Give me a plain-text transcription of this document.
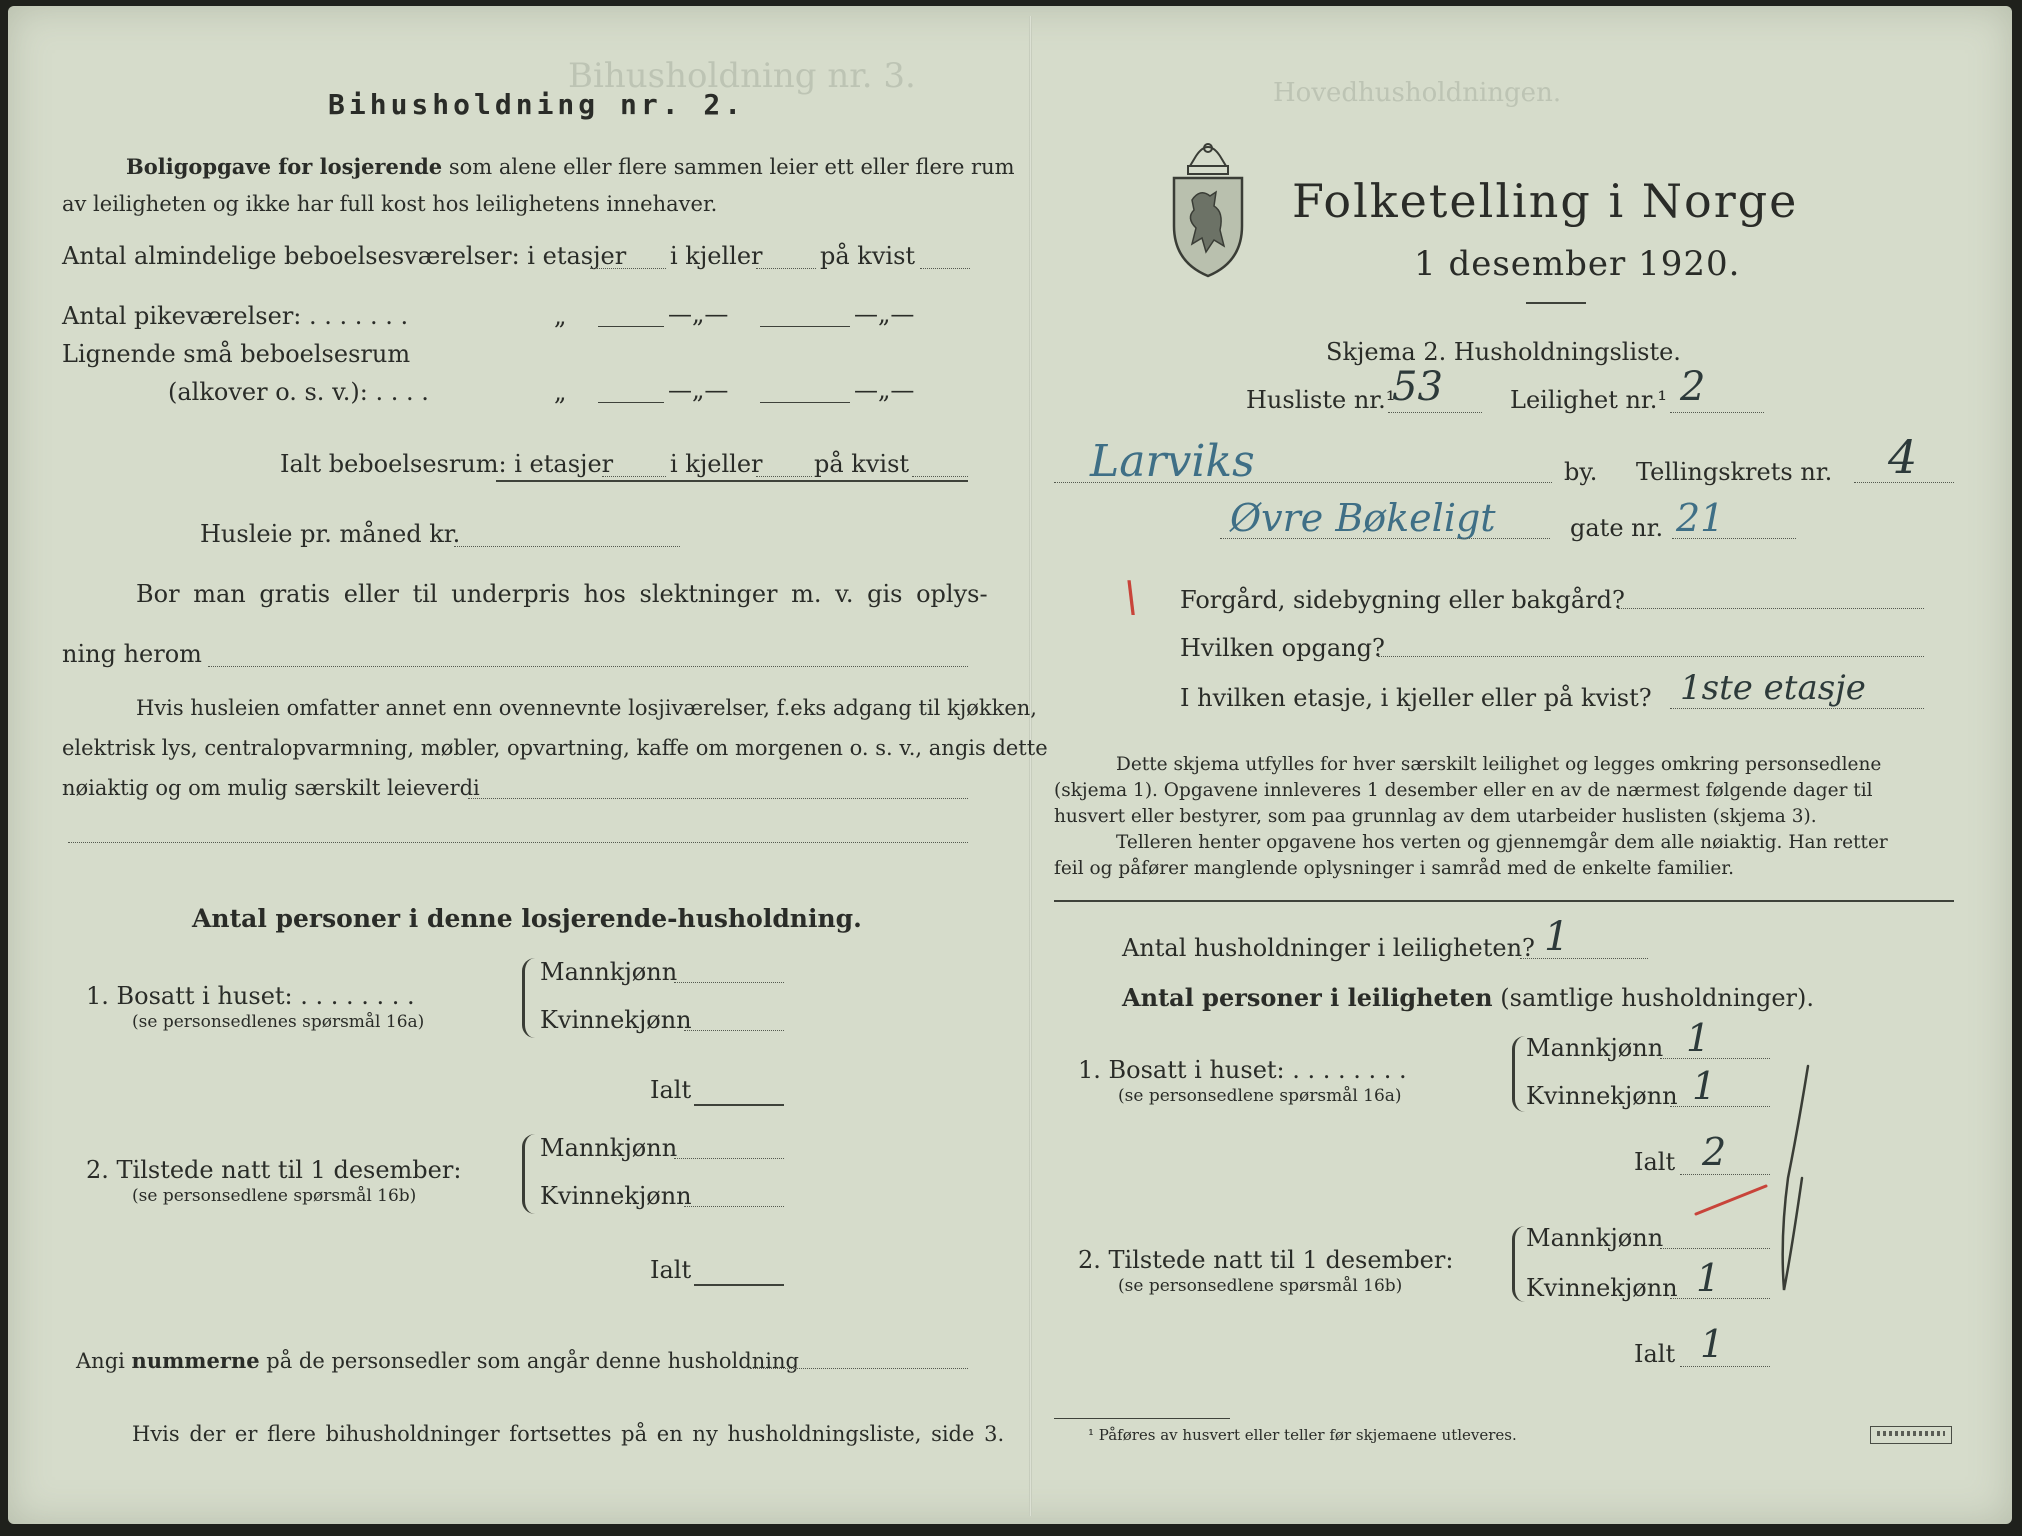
Hovedhusholdningen.
Bihusholdning nr. 3.
Bihusholdning nr. 2.
Boligopgave for losjerende som alene eller flere sammen leier ett eller flere rum
av leiligheten og ikke har full kost hos leilighetens innehaver.
Antal almindelige beboelsesværelser: i etasjer i kjeller på kvist
Antal pikeværelser: . . . . . . .	„	—„—	—„—
Lignende små beboelsesrum
(alkover o. s. v.): . . . .	„	—„—	—„—
Ialt beboelsesrum: i etasjer i kjeller på kvist
Husleie pr. måned kr.
Bor man gratis eller til underpris hos slektninger m. v. gis oplys-
ning herom
Hvis husleien omfatter annet enn ovennevnte losjiværelser, f.eks adgang til kjøkken,
elektrisk lys, centralopvarmning, møbler, opvartning, kaffe om morgenen o. s. v., angis dette
nøiaktig og om mulig særskilt leieverdi
Antal personer i denne losjerende-husholdning.
1. Bosatt i huset: . . . . . . . .
(se personsedlenes spørsmål 16a)
Mannkjønn
Kvinnekjønn
Ialt
2. Tilstede natt til 1 desember:
(se personsedlene spørsmål 16b)
Mannkjønn
Kvinnekjønn
Ialt
Angi nummerne på de personsedler som angår denne husholdning
Hvis der er flere bihusholdninger fortsettes på en ny husholdningsliste, side 3.
Folketelling i Norge
1 desember 1920.
Skjema 2. Husholdningsliste.
Husliste nr.¹
53	Leilighet nr.¹ 2
Larviks	by. Tellingskrets nr. 4
Øvre Bøkeligt	gate nr. 21
\ Forgård, sidebygning eller bakgård?
Hvilken opgang?
I hvilken etasje, i kjeller eller på kvist? 1ste etasje
Dette skjema utfylles for hver særskilt leilighet og legges omkring personsedlene
(skjema 1). Opgavene innleveres 1 desember eller en av de nærmest følgende dager til
husvert eller bestyrer, som paa grunnlag av dem utarbeider huslisten (skjema 3).
Telleren henter opgavene hos verten og gjennemgår dem alle nøiaktig. Han retter
feil og påfører manglende oplysninger i samråd med de enkelte familier.
Antal husholdninger i leiligheten? 1
Antal personer i leiligheten (samtlige husholdninger).
1. Bosatt i huset: . . . . . . . .
(se personsedlene spørsmål 16a)
Mannkjønn 1
Kvinnekjønn 1
Ialt 2
2. Tilstede natt til 1 desember:
(se personsedlene spørsmål 16b)
Mannkjønn
Kvinnekjønn 1
Ialt 1
¹ Påføres av husvert eller teller før skjemaene utleveres.
